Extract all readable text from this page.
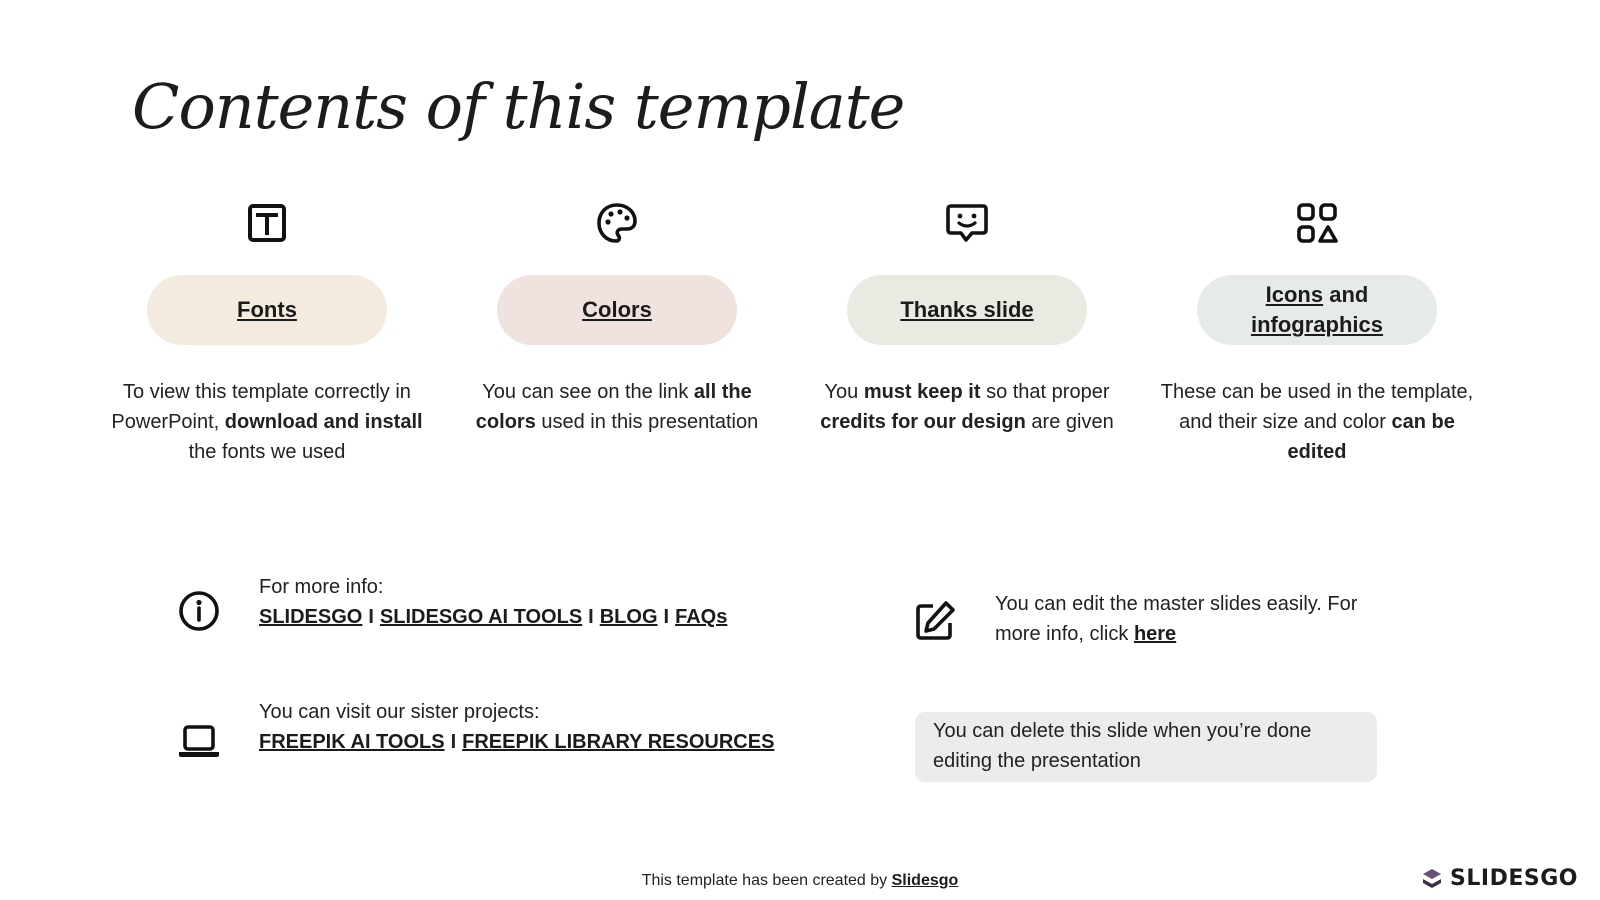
Contents of this template
Fonts
To view this template correctly in PowerPoint, download and install the fonts we used
Colors
You can see on the link all the colors used in this presentation
Thanks slide
You must keep it so that proper credits for our design are given
Icons and
infographics
These can be used in the template, and their size and color can be edited
For more info:
SLIDESGO I SLIDESGO AI TOOLS I BLOG I FAQs
You can visit our sister projects:
FREEPIK AI TOOLS I FREEPIK LIBRARY RESOURCES
You can edit the master slides easily. For more info, click here
You can delete this slide when you’re done editing the presentation
This template has been created by Slidesgo	SLIDESGO
